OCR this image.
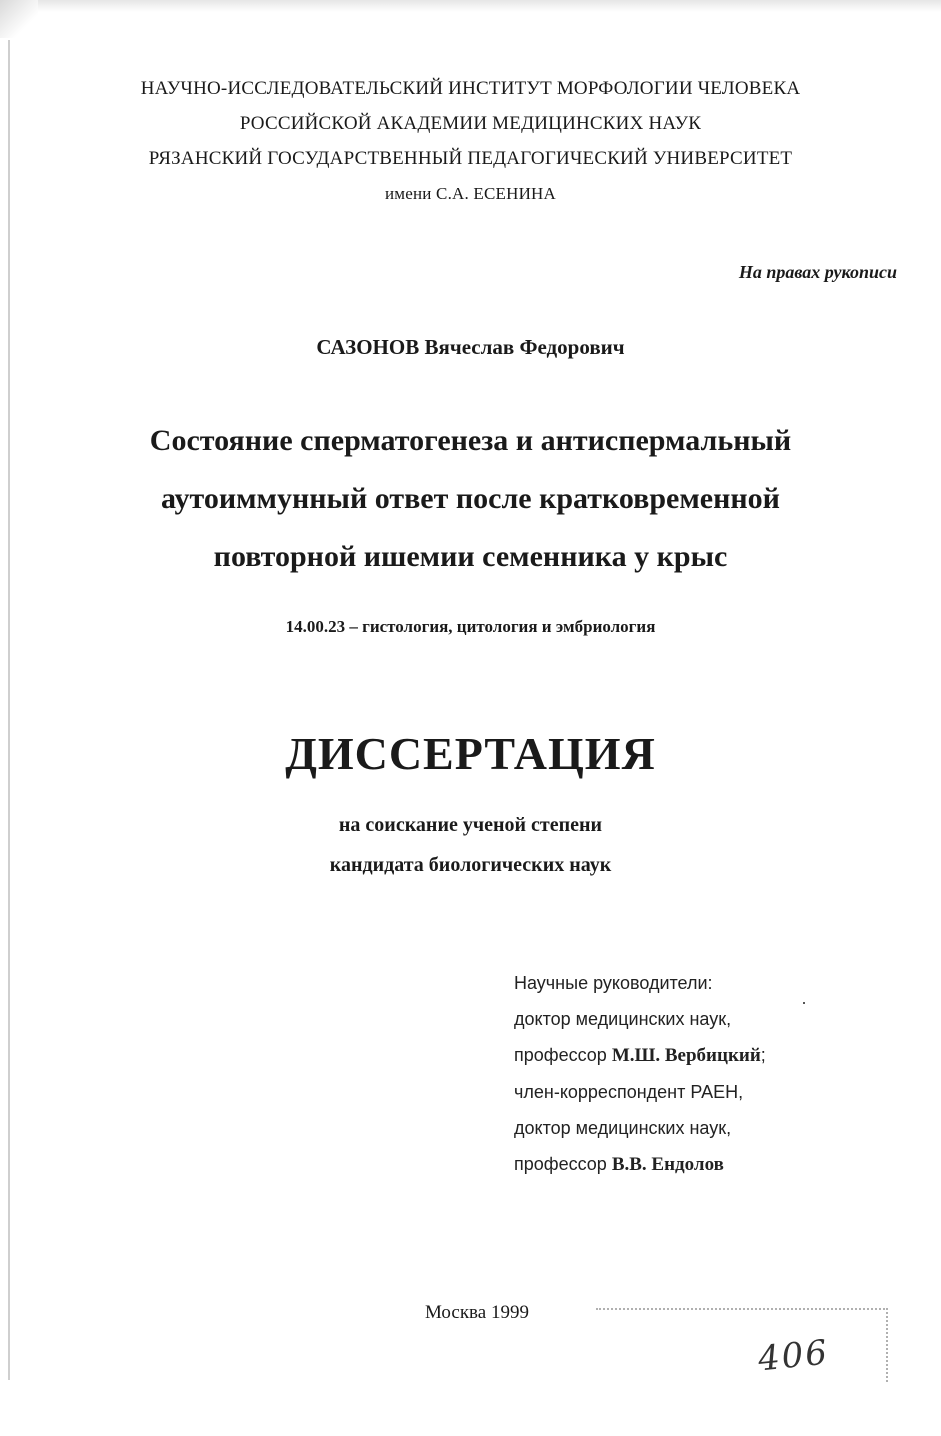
НАУЧНО-ИССЛЕДОВАТЕЛЬСКИЙ ИНСТИТУТ МОРФОЛОГИИ ЧЕЛОВЕКА
РОССИЙСКОЙ АКАДЕМИИ МЕДИЦИНСКИХ НАУК
РЯЗАНСКИЙ ГОСУДАРСТВЕННЫЙ ПЕДАГОГИЧЕСКИЙ УНИВЕРСИТЕТ
имени С.А. ЕСЕНИНА
На правах рукописи
САЗОНОВ Вячеслав Федорович
Состояние сперматогенеза и антиспермальный
аутоиммунный ответ после кратковременной
повторной ишемии семенника у крыс
14.00.23 – гистология, цитология и эмбриология
ДИССЕРТАЦИЯ
на соискание ученой степени
кандидата биологических наук
Научные руководители:
доктор медицинских наук,
профессор М.Ш. Вербицкий;
член-корреспондент РАЕН,
доктор медицинских наук,
профессор В.В. Ендолов
Москва 1999
406
